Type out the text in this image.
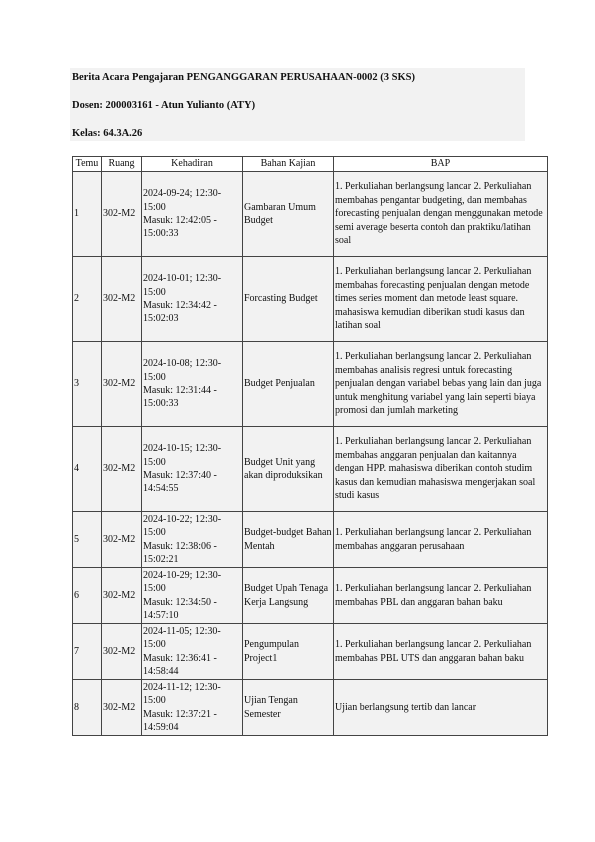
Berita Acara Pengajaran PENGANGGARAN PERUSAHAAN-0002 (3 SKS)
Dosen: 200003161 - Atun Yulianto (ATY)
Kelas: 64.3A.26
Temu	Ruang	Kehadiran	Bahan Kajian	BAP
1	302-M2	2024-09-24; 12:30-15:00
Masuk: 12:42:05 - 15:00:33	Gambaran Umum Budget	1. Perkuliahan berlangsung lancar 2. Perkuliahan membahas pengantar budgeting, dan membahas forecasting penjualan dengan menggunakan metode semi average beserta contoh dan praktiku/latihan soal
2	302-M2	2024-10-01; 12:30-15:00
Masuk: 12:34:42 - 15:02:03	Forcasting Budget	1. Perkuliahan berlangsung lancar 2. Perkuliahan membahas forecasting penjualan dengan metode times series moment dan metode least square. mahasiswa kemudian diberikan studi kasus dan latihan soal
3	302-M2	2024-10-08; 12:30-15:00
Masuk: 12:31:44 - 15:00:33	Budget Penjualan	1. Perkuliahan berlangsung lancar 2. Perkuliahan membahas analisis regresi untuk forecasting penjualan dengan variabel bebas yang lain dan juga untuk menghitung variabel yang lain seperti biaya promosi dan jumlah marketing
4	302-M2	2024-10-15; 12:30-15:00
Masuk: 12:37:40 - 14:54:55	Budget Unit yang akan diproduksikan	1. Perkuliahan berlangsung lancar 2. Perkuliahan membahas anggaran penjualan dan kaitannya dengan HPP. mahasiswa diberikan contoh studim kasus dan kemudian mahasiswa mengerjakan soal studi kasus
5	302-M2	2024-10-22; 12:30-15:00
Masuk: 12:38:06 - 15:02:21	Budget-budget Bahan Mentah	1. Perkuliahan berlangsung lancar 2. Perkuliahan membahas anggaran perusahaan
6	302-M2	2024-10-29; 12:30-15:00
Masuk: 12:34:50 - 14:57:10	Budget Upah Tenaga Kerja Langsung	1. Perkuliahan berlangsung lancar 2. Perkuliahan membahas PBL dan anggaran bahan baku
7	302-M2	2024-11-05; 12:30-15:00
Masuk: 12:36:41 - 14:58:44	Pengumpulan Project1	1. Perkuliahan berlangsung lancar 2. Perkuliahan membahas PBL UTS dan anggaran bahan baku
8	302-M2	2024-11-12; 12:30-15:00
Masuk: 12:37:21 - 14:59:04	Ujian Tengan Semester	Ujian berlangsung tertib dan lancar
